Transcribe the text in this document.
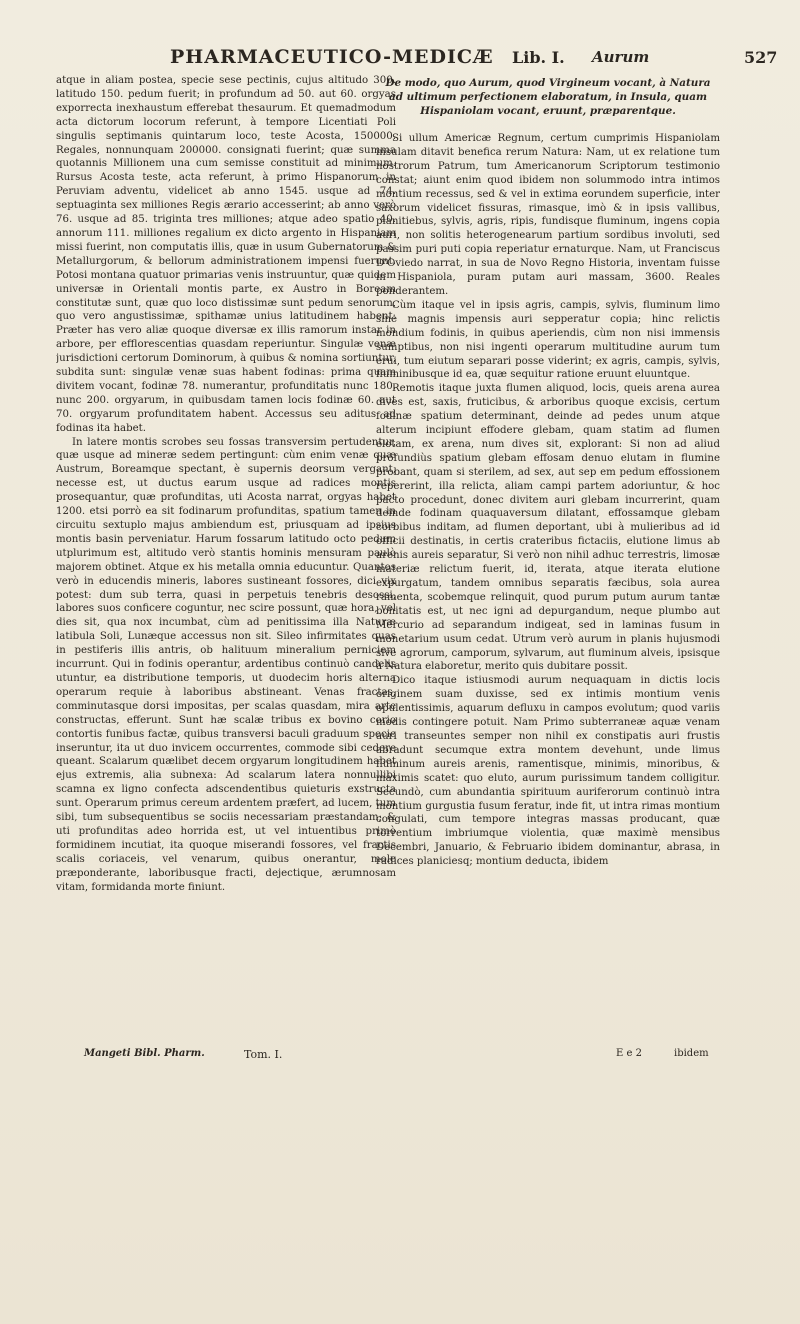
PHARMACEUTICO-MEDICÆ Lib. I. Aurum	527

atque in aliam postea, specie sese pectinis, cujus altitudo 300. latitudo 150. pedum fuerit; in profundum ad 50. aut 60. orgyas exporrecta inexhaustum efferebat thesaurum. Et quemadmodum acta dictorum locorum referunt, à tempore Licentiati Poli singulis septimanis quintarum loco, teste Acosta, 150000. Regales, nonnunquam 200000. consignati fuerint; quæ summa quotannis Millionem una cum semisse constituit ad minimum. Rursus Acosta teste, acta referunt, à primo Hispanorum in Peruviam adventu, videlicet ab anno 1545. usque ad 74. septuaginta sex milliones Regis ærario accesserint; ab anno verò 76. usque ad 85. triginta tres milliones; atque adeo spatio 40. annorum 111. milliones regalium ex dicto argento in Hispaniam missi fuerint, non computatis illis, quæ in usum Gubernatorum & Metallurgorum, & bellorum administrationem impensi fuerunt. Potosi montana quatuor primarias venis instruuntur, quæ quidem universæ in Orientali montis parte, ex Austro in Boream constitutæ sunt, quæ quo loco distissimæ sunt pedum senorum, quo vero angustissimæ, spithamæ unius latitudinem habent: Præter has vero aliæ quoque diversæ ex illis ramorum instar in arbore, per efflorescentias quasdam reperiuntur. Singulæ venæ jurisdictioni certorum Dominorum, à quibus & nomina sortiuntur, subdita sunt: singulæ venæ suas habent fodinas: prima quam divitem vocant, fodinæ 78. numerantur, profunditatis nunc 180. nunc 200. orgyarum, in quibusdam tamen locis fodinæ 60. aut 70. orgyarum profunditatem habent. Accessus seu aditus ad fodinas ita habet.

In latere montis scrobes seu fossas transversim pertudentur, quæ usque ad mineræ sedem pertingunt: cùm enim venæ quæ Austrum, Boreamque spectant, è supernis deorsum vergant, necesse est, ut ductus earum usque ad radices montis prosequantur, quæ profunditas, uti Acosta narrat, orgyas habet 1200. etsi porrò ea sit fodinarum profunditas, spatium tamen in circuitu sextuplo majus ambiendum est, priusquam ad ipsius montis basin perveniatur. Harum fossarum latitudo octo pedum utplurimum est, altitudo verò stantis hominis mensuram paulò majorem obtinet. Atque ex his metalla omnia educuntur. Quantos verò in educendis mineris, labores sustineant fossores, dici vix potest: dum sub terra, quasi in perpetuis tenebris desossi, labores suos conficere coguntur, nec scire possunt, quæ hora, vel dies sit, qua nox incumbat, cùm ad penitissima illa Naturæ latibula Soli, Lunæque accessus non sit. Sileo infirmitates quas in pestiferis illis antris, ob halituum mineralium perniciem incurrunt. Qui in fodinis operantur, ardentibus continuò candelis utuntur, ea distributione temporis, ut duodecim horis alterna operarum requie à laboribus abstineant. Venas fractas, comminutasque dorsi impositas, per scalas quasdam, mira arte constructas, efferunt. Sunt hæ scalæ tribus ex bovino corio contortis funibus factæ, quibus transversi baculi graduum specie inseruntur, ita ut duo invicem occurrentes, commode sibi cedere queant. Scalarum quælibet decem orgyarum longitudinem habet ejus extremis, alia subnexa: Ad scalarum latera nonnullibi scamna ex ligno confecta adscendentibus quieturis exstructa sunt. Operarum primus cereum ardentem præfert, ad lucem, tum sibi, tum subsequentibus se sociis necessariam præstandam; & uti profunditas adeo horrida est, ut vel intuentibus primò formidinem incutiat, ita quoque miserandi fossores, vel fractis scalis coriaceis, vel venarum, quibus onerantur, mole præponderante, laboribusque fracti, dejectique, ærumnosam vitam, formidanda morte finiunt.

De modo, quo Aurum, quod Virgineum vocant, à Natura ad ultimum perfectionem elaboratum, in Insula, quam Hispaniolam vocant, eruunt, præparentque.

Si ullum Americæ Regnum, certum cumprimis Hispaniolam insulam ditavit benefica rerum Natura: Nam, ut ex relatione tum nostrorum Patrum, tum Americanorum Scriptorum testimonio constat; aiunt enim quod ibidem non solummodo intra intimos montium recessus, sed & vel in extima eorundem superficie, inter saxorum videlicet fissuras, rimasque, imò & in ipsis vallibus, planitiebus, sylvis, agris, ripis, fundisque fluminum, ingens copia auri, non solitis heterogenearum partium sordibus involuti, sed passim puri puti copia reperiatur ernaturque. Nam, ut Franciscus D'Oviedo narrat, in sua de Novo Regno Historia, inventam fuisse in Hispaniola, puram putam auri massam, 3600. Reales ponderantem.

Cùm itaque vel in ipsis agris, campis, sylvis, fluminum limo sine magnis impensis auri sepperatur copia; hinc relictis mondium fodinis, in quibus aperiendis, cùm non nisi immensis sumptibus, non nisi ingenti operarum multitudine aurum tum erui, tum eiutum separari posse viderint; ex agris, campis, sylvis, fluminibusque id ea, quæ sequitur ratione eruunt eluuntque.

Remotis itaque juxta flumen aliquod, locis, queis arena aurea dives est, saxis, fruticibus, & arboribus quoque excisis, certum fodinæ spatium determinant, deinde ad pedes unum atque alterum incipiunt effodere glebam, quam statim ad flumen elotam, ex arena, num dives sit, explorant: Si non ad aliud profundiùs spatium glebam effosam denuo elutam in flumine probant, quam si sterilem, ad sex, aut sep em pedum effossionem repererint, illa relicta, aliam campi partem adoriuntur, & hoc pacto procedunt, donec divitem auri glebam incurrerint, quam deinde fodinam quaquaversum dilatant, effossamque glebam corbibus inditam, ad flumen deportant, ubi à mulieribus ad id officii destinatis, in certis crateribus fictaciis, elutione limus ab arenis aureis separatur, Si verò non nihil adhuc terrestris, limosæ materiæ relictum fuerit, id, iterata, atque iterata elutione expurgatum, tandem omnibus separatis fæcibus, sola aurea ramenta, scobemque relinquit, quod purum putum aurum tantæ bonitatis est, ut nec igni ad depurgandum, neque plumbo aut Mercurio ad separandum indigeat, sed in laminas fusum in monetarium usum cedat. Utrum verò aurum in planis hujusmodi sive agrorum, camporum, sylvarum, aut fluminum alveis, ipsisque à Natura elaboretur, merito quis dubitare possit.

Dico itaque istiusmodi aurum nequaquam in dictis locis originem suam duxisse, sed ex intimis montium venis opulentissimis, aquarum defluxu in campos evolutum; quod variis modis contingere potuit. Nam Primo subterraneæ aquæ venam auri transeuntes semper non nihil ex constipatis auri frustis abradunt secumque extra montem devehunt, unde limus fluminum aureis arenis, ramentisque, minimis, minoribus, & maximis scatet: quo eluto, aurum purissimum tandem colligitur. Secundò, cum abundantia spirituum auriferorum continuò intra montium gurgustia fusum feratur, inde fit, ut intra rimas montium congulati, cum tempore integras massas producant, quæ torrentium imbriumque violentia, quæ maximè mensibus Decembri, Januario, & Februario ibidem dominantur, abrasa, in radices planiciesq; montium deducta, ibidem

Mangeti Bibl. Pharm.	Tom. I.	E e 2	ibidem
